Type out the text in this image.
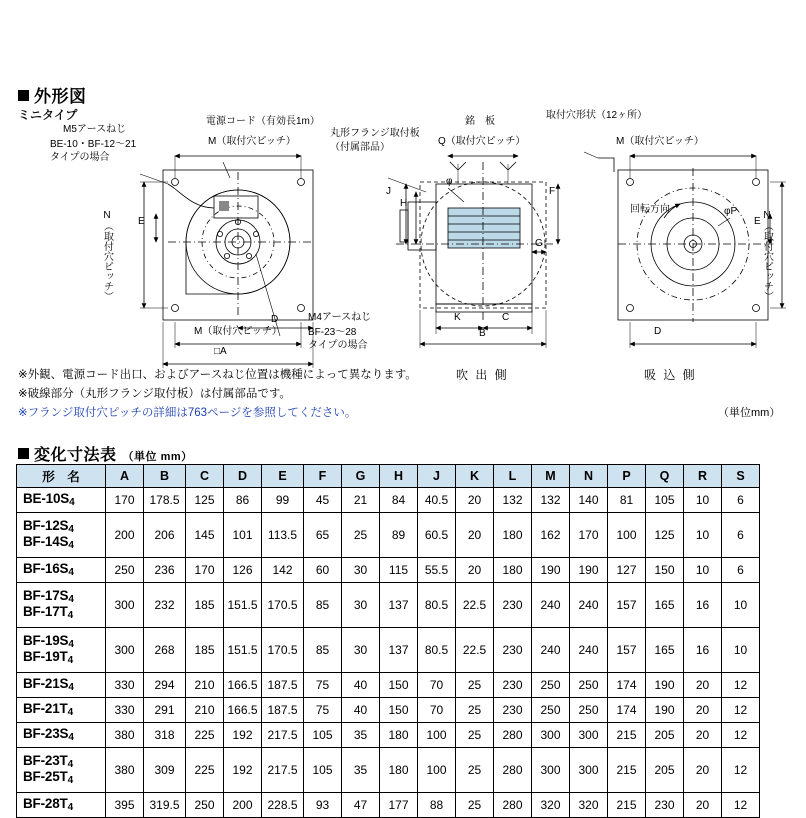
外形図
ミニタイプ	電源コード（有効長1m）
M（取付穴ピッチ）
M5アースねじ
BE-10・BF-12〜21
タイプの場合
N（取付穴ピッチ）	E
D
M（取付穴ピッチ）
□A
M4アースねじ
BF-23〜28
タイプの場合
丸形フランジ取付板
（付属部品）
銘　板
Q（取付穴ピッチ）
J
H
φ
F
G
K	C
B
吹 出 側
取付穴形状（12ヶ所）
M（取付穴ピッチ）
回転方向	φP
E N（取付穴ピッチ）
D
吸 込 側
※外観、電源コード出口、およびアースねじ位置は機種によって異なります。
※破線部分（丸形フランジ取付板）は付属部品です。
※フランジ取付穴ピッチの詳細は763ページを参照してください。	（単位mm）
変化寸法表 （単位 mm）
形　名	A	B	C	D	E	F	G	H	J	K	L	M	N	P	Q	R	S

$BE-10S_4$	170	178.5	125	86	99	45	21	84	40.5	20	132	132	140	81	105	10	6

$BF-12S_4$
$BF-14S_4$	200	206	145	101	113.5	65	25	89	60.5	20	180	162	170	100	125	10	6

$BF-16S_4$	250	236	170	126	142	60	30	115	55.5	20	180	190	190	127	150	10	6

$BF-17S_4$
$BF-17T_4$	300	232	185	151.5	170.5	85	30	137	80.5	22.5	230	240	240	157	165	16	10

$BF-19S_4$
$BF-19T_4$	300	268	185	151.5	170.5	85	30	137	80.5	22.5	230	240	240	157	165	16	10

$BF-21S_4$	330	294	210	166.5	187.5	75	40	150	70	25	230	250	250	174	190	20	12

$BF-21T_4$	330	291	210	166.5	187.5	75	40	150	70	25	230	250	250	174	190	20	12

$BF-23S_4$	380	318	225	192	217.5	105	35	180	100	25	280	300	300	215	205	20	12

$BF-23T_4$
$BF-25T_4$	380	309	225	192	217.5	105	35	180	100	25	280	300	300	215	205	20	12

$BF-28T_4$	395	319.5	250	200	228.5	93	47	177	88	25	280	320	320	215	230	20	12
